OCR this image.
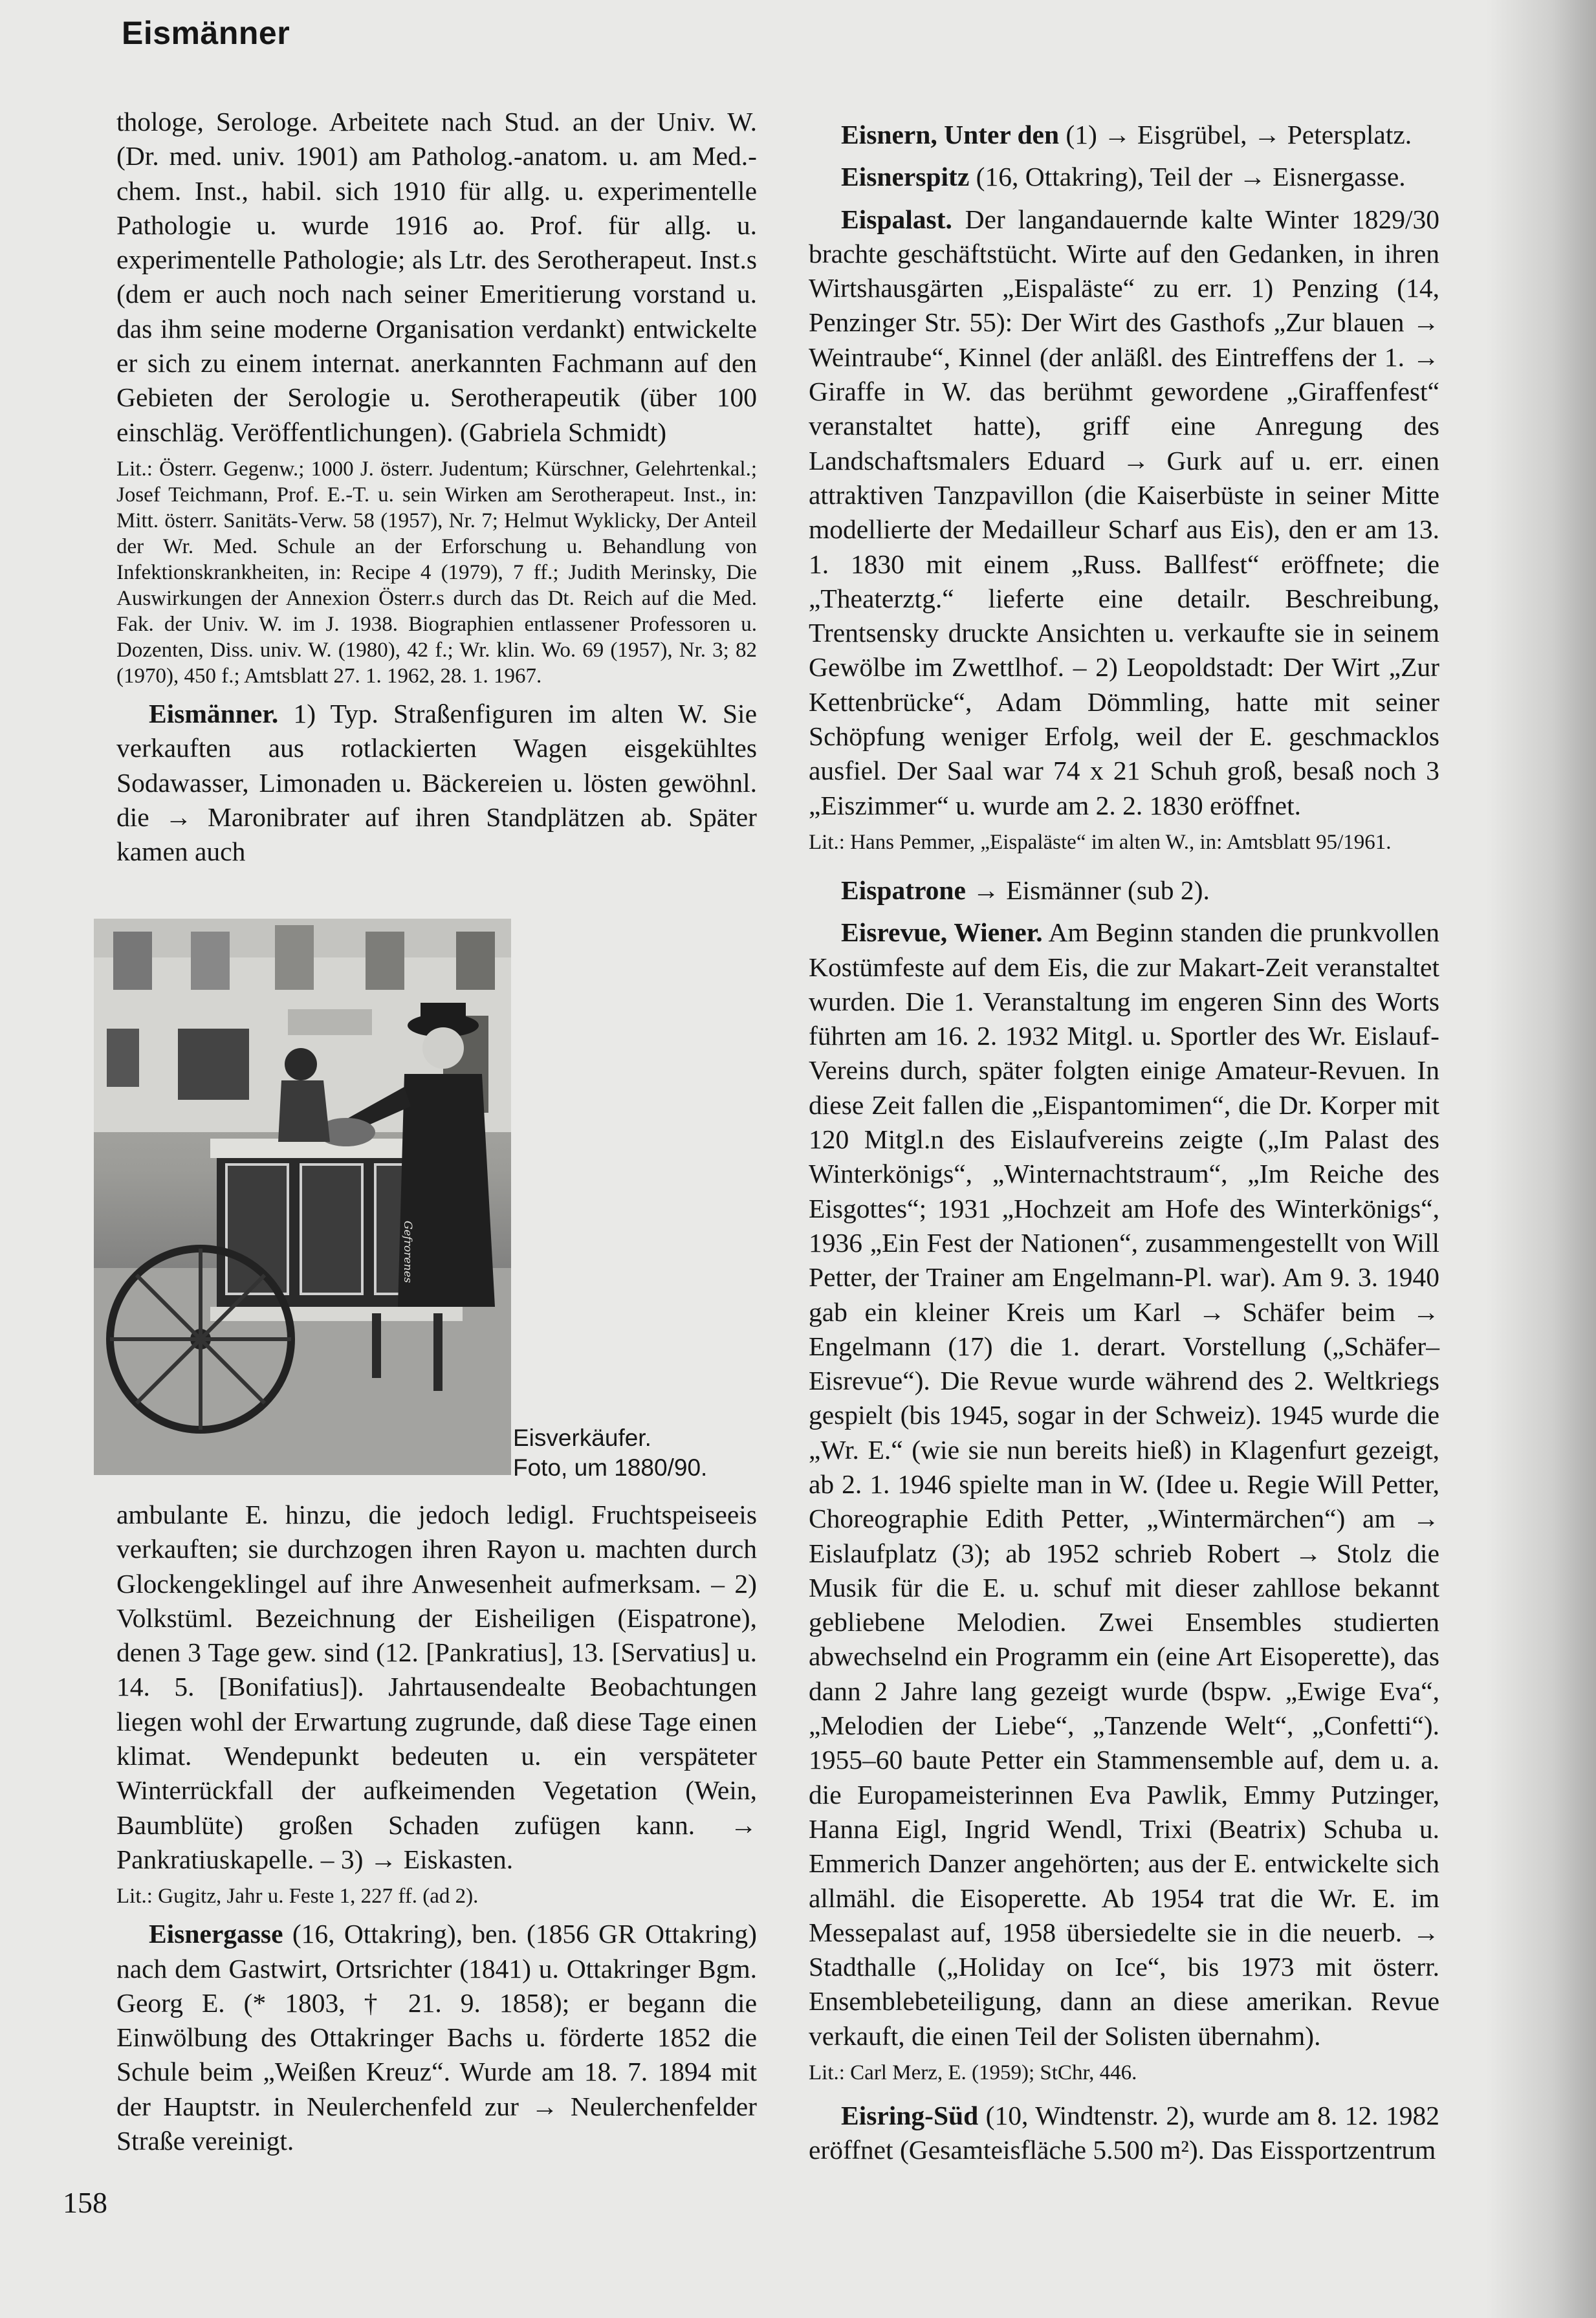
Eismänner

thologe, Serologe. Arbeitete nach Stud. an der Univ. W. (Dr. med. univ. 1901) am Patholog.-anatom. u. am Med.-chem. Inst., habil. sich 1910 für allg. u. experimentelle Pathologie u. wurde 1916 ao. Prof. für allg. u. experimentelle Pathologie; als Ltr. des Serotherapeut. Inst.s (dem er auch noch nach seiner Emeritierung vorstand u. das ihm seine moderne Organisation verdankt) entwickelte er sich zu einem internat. anerkannten Fachmann auf den Gebieten der Serologie u. Serotherapeutik (über 100 einschläg. Veröffentlichungen). (Gabriela Schmidt)

Lit.: Österr. Gegenw.; 1000 J. österr. Judentum; Kürschner, Gelehrtenkal.; Josef Teichmann, Prof. E.-T. u. sein Wirken am Serotherapeut. Inst., in: Mitt. österr. Sanitäts-Verw. 58 (1957), Nr. 7; Helmut Wyklicky, Der Anteil der Wr. Med. Schule an der Erforschung u. Behandlung von Infektionskrankheiten, in: Recipe 4 (1979), 7 ff.; Judith Merinsky, Die Auswirkungen der Annexion Österr.s durch das Dt. Reich auf die Med. Fak. der Univ. W. im J. 1938. Biographien entlassener Professoren u. Dozenten, Diss. univ. W. (1980), 42 f.; Wr. klin. Wo. 69 (1957), Nr. 3; 82 (1970), 450 f.; Amtsblatt 27. 1. 1962, 28. 1. 1967.

Eismänner. 1) Typ. Straßenfiguren im alten W. Sie verkauften aus rotlackierten Wagen eisgekühltes Sodawasser, Limonaden u. Bäckereien u. lösten gewöhnl. die → Maronibrater auf ihren Standplätzen ab. Später kamen auch

Gefrorenes
Eisverkäufer.
Foto, um 1880/90.

ambulante E. hinzu, die jedoch ledigl. Fruchtspeiseeis verkauften; sie durchzogen ihren Rayon u. machten durch Glockengeklingel auf ihre Anwesenheit aufmerksam. – 2) Volkstüml. Bezeichnung der Eisheiligen (Eispatrone), denen 3 Tage gew. sind (12. [Pankratius], 13. [Servatius] u. 14. 5. [Bonifatius]). Jahrtausendealte Beobachtungen liegen wohl der Erwartung zugrunde, daß diese Tage einen klimat. Wendepunkt bedeuten u. ein verspäteter Winterrückfall der aufkeimenden Vegetation (Wein, Baumblüte) großen Schaden zufügen kann. → Pankratiuskapelle. – 3) → Eiskasten.

Lit.: Gugitz, Jahr u. Feste 1, 227 ff. (ad 2).

Eisnergasse (16, Ottakring), ben. (1856 GR Ottakring) nach dem Gastwirt, Ortsrichter (1841) u. Ottakringer Bgm. Georg E. (* 1803, † 21. 9. 1858); er begann die Einwölbung des Ottakringer Bachs u. förderte 1852 die Schule beim „Weißen Kreuz“. Wurde am 18. 7. 1894 mit der Hauptstr. in Neulerchenfeld zur → Neulerchenfelder Straße vereinigt.

Eisnern, Unter den (1) → Eisgrübel, → Petersplatz.

Eisnerspitz (16, Ottakring), Teil der → Eisnergasse.

Eispalast. Der langandauernde kalte Winter 1829/30 brachte geschäftstücht. Wirte auf den Gedanken, in ihren Wirtshausgärten „Eispaläste“ zu err. 1) Penzing (14, Penzinger Str. 55): Der Wirt des Gasthofs „Zur blauen → Weintraube“, Kinnel (der anläßl. des Eintreffens der 1. → Giraffe in W. das berühmt gewordene „Giraffenfest“ veranstaltet hatte), griff eine Anregung des Landschaftsmalers Eduard → Gurk auf u. err. einen attraktiven Tanzpavillon (die Kaiserbüste in seiner Mitte modellierte der Medailleur Scharf aus Eis), den er am 13. 1. 1830 mit einem „Russ. Ballfest“ eröffnete; die „Theaterztg.“ lieferte eine detailr. Beschreibung, Trentsensky druckte Ansichten u. verkaufte sie in seinem Gewölbe im Zwettlhof. – 2) Leopoldstadt: Der Wirt „Zur Kettenbrücke“, Adam Dömmling, hatte mit seiner Schöpfung weniger Erfolg, weil der E. geschmacklos ausfiel. Der Saal war 74 x 21 Schuh groß, besaß noch 3 „Eiszimmer“ u. wurde am 2. 2. 1830 eröffnet.

Lit.: Hans Pemmer, „Eispaläste“ im alten W., in: Amtsblatt 95/1961.

Eispatrone → Eismänner (sub 2).

Eisrevue, Wiener. Am Beginn standen die prunkvollen Kostümfeste auf dem Eis, die zur Makart-Zeit veranstaltet wurden. Die 1. Veranstaltung im engeren Sinn des Worts führten am 16. 2. 1932 Mitgl. u. Sportler des Wr. Eislauf-Vereins durch, später folgten einige Amateur-Revuen. In diese Zeit fallen die „Eispantomimen“, die Dr. Korper mit 120 Mitgl.n des Eislaufvereins zeigte („Im Palast des Winterkönigs“, „Winternachtstraum“, „Im Reiche des Eisgottes“; 1931 „Hochzeit am Hofe des Winterkönigs“, 1936 „Ein Fest der Nationen“, zusammengestellt von Will Petter, der Trainer am Engelmann-Pl. war). Am 9. 3. 1940 gab ein kleiner Kreis um Karl → Schäfer beim → Engelmann (17) die 1. derart. Vorstellung („Schäfer–Eisrevue“). Die Revue wurde während des 2. Weltkriegs gespielt (bis 1945, sogar in der Schweiz). 1945 wurde die „Wr. E.“ (wie sie nun bereits hieß) in Klagenfurt gezeigt, ab 2. 1. 1946 spielte man in W. (Idee u. Regie Will Petter, Choreographie Edith Petter, „Wintermärchen“) am → Eislaufplatz (3); ab 1952 schrieb Robert → Stolz die Musik für die E. u. schuf mit dieser zahllose bekannt gebliebene Melodien. Zwei Ensembles studierten abwechselnd ein Programm ein (eine Art Eisoperette), das dann 2 Jahre lang gezeigt wurde (bspw. „Ewige Eva“, „Melodien der Liebe“, „Tanzende Welt“, „Confetti“). 1955–60 baute Petter ein Stammensemble auf, dem u. a. die Europameisterinnen Eva Pawlik, Emmy Putzinger, Hanna Eigl, Ingrid Wendl, Trixi (Beatrix) Schuba u. Emmerich Danzer angehörten; aus der E. entwickelte sich allmähl. die Eisoperette. Ab 1954 trat die Wr. E. im Messepalast auf, 1958 übersiedelte sie in die neuerb. → Stadthalle („Holiday on Ice“, bis 1973 mit österr. Ensemblebeteiligung, dann an diese amerikan. Revue verkauft, die einen Teil der Solisten übernahm).

Lit.: Carl Merz, E. (1959); StChr, 446.

Eisring-Süd (10, Windtenstr. 2), wurde am 8. 12. 1982 eröffnet (Gesamteisfläche 5.500 m²). Das Eissportzentrum

158
